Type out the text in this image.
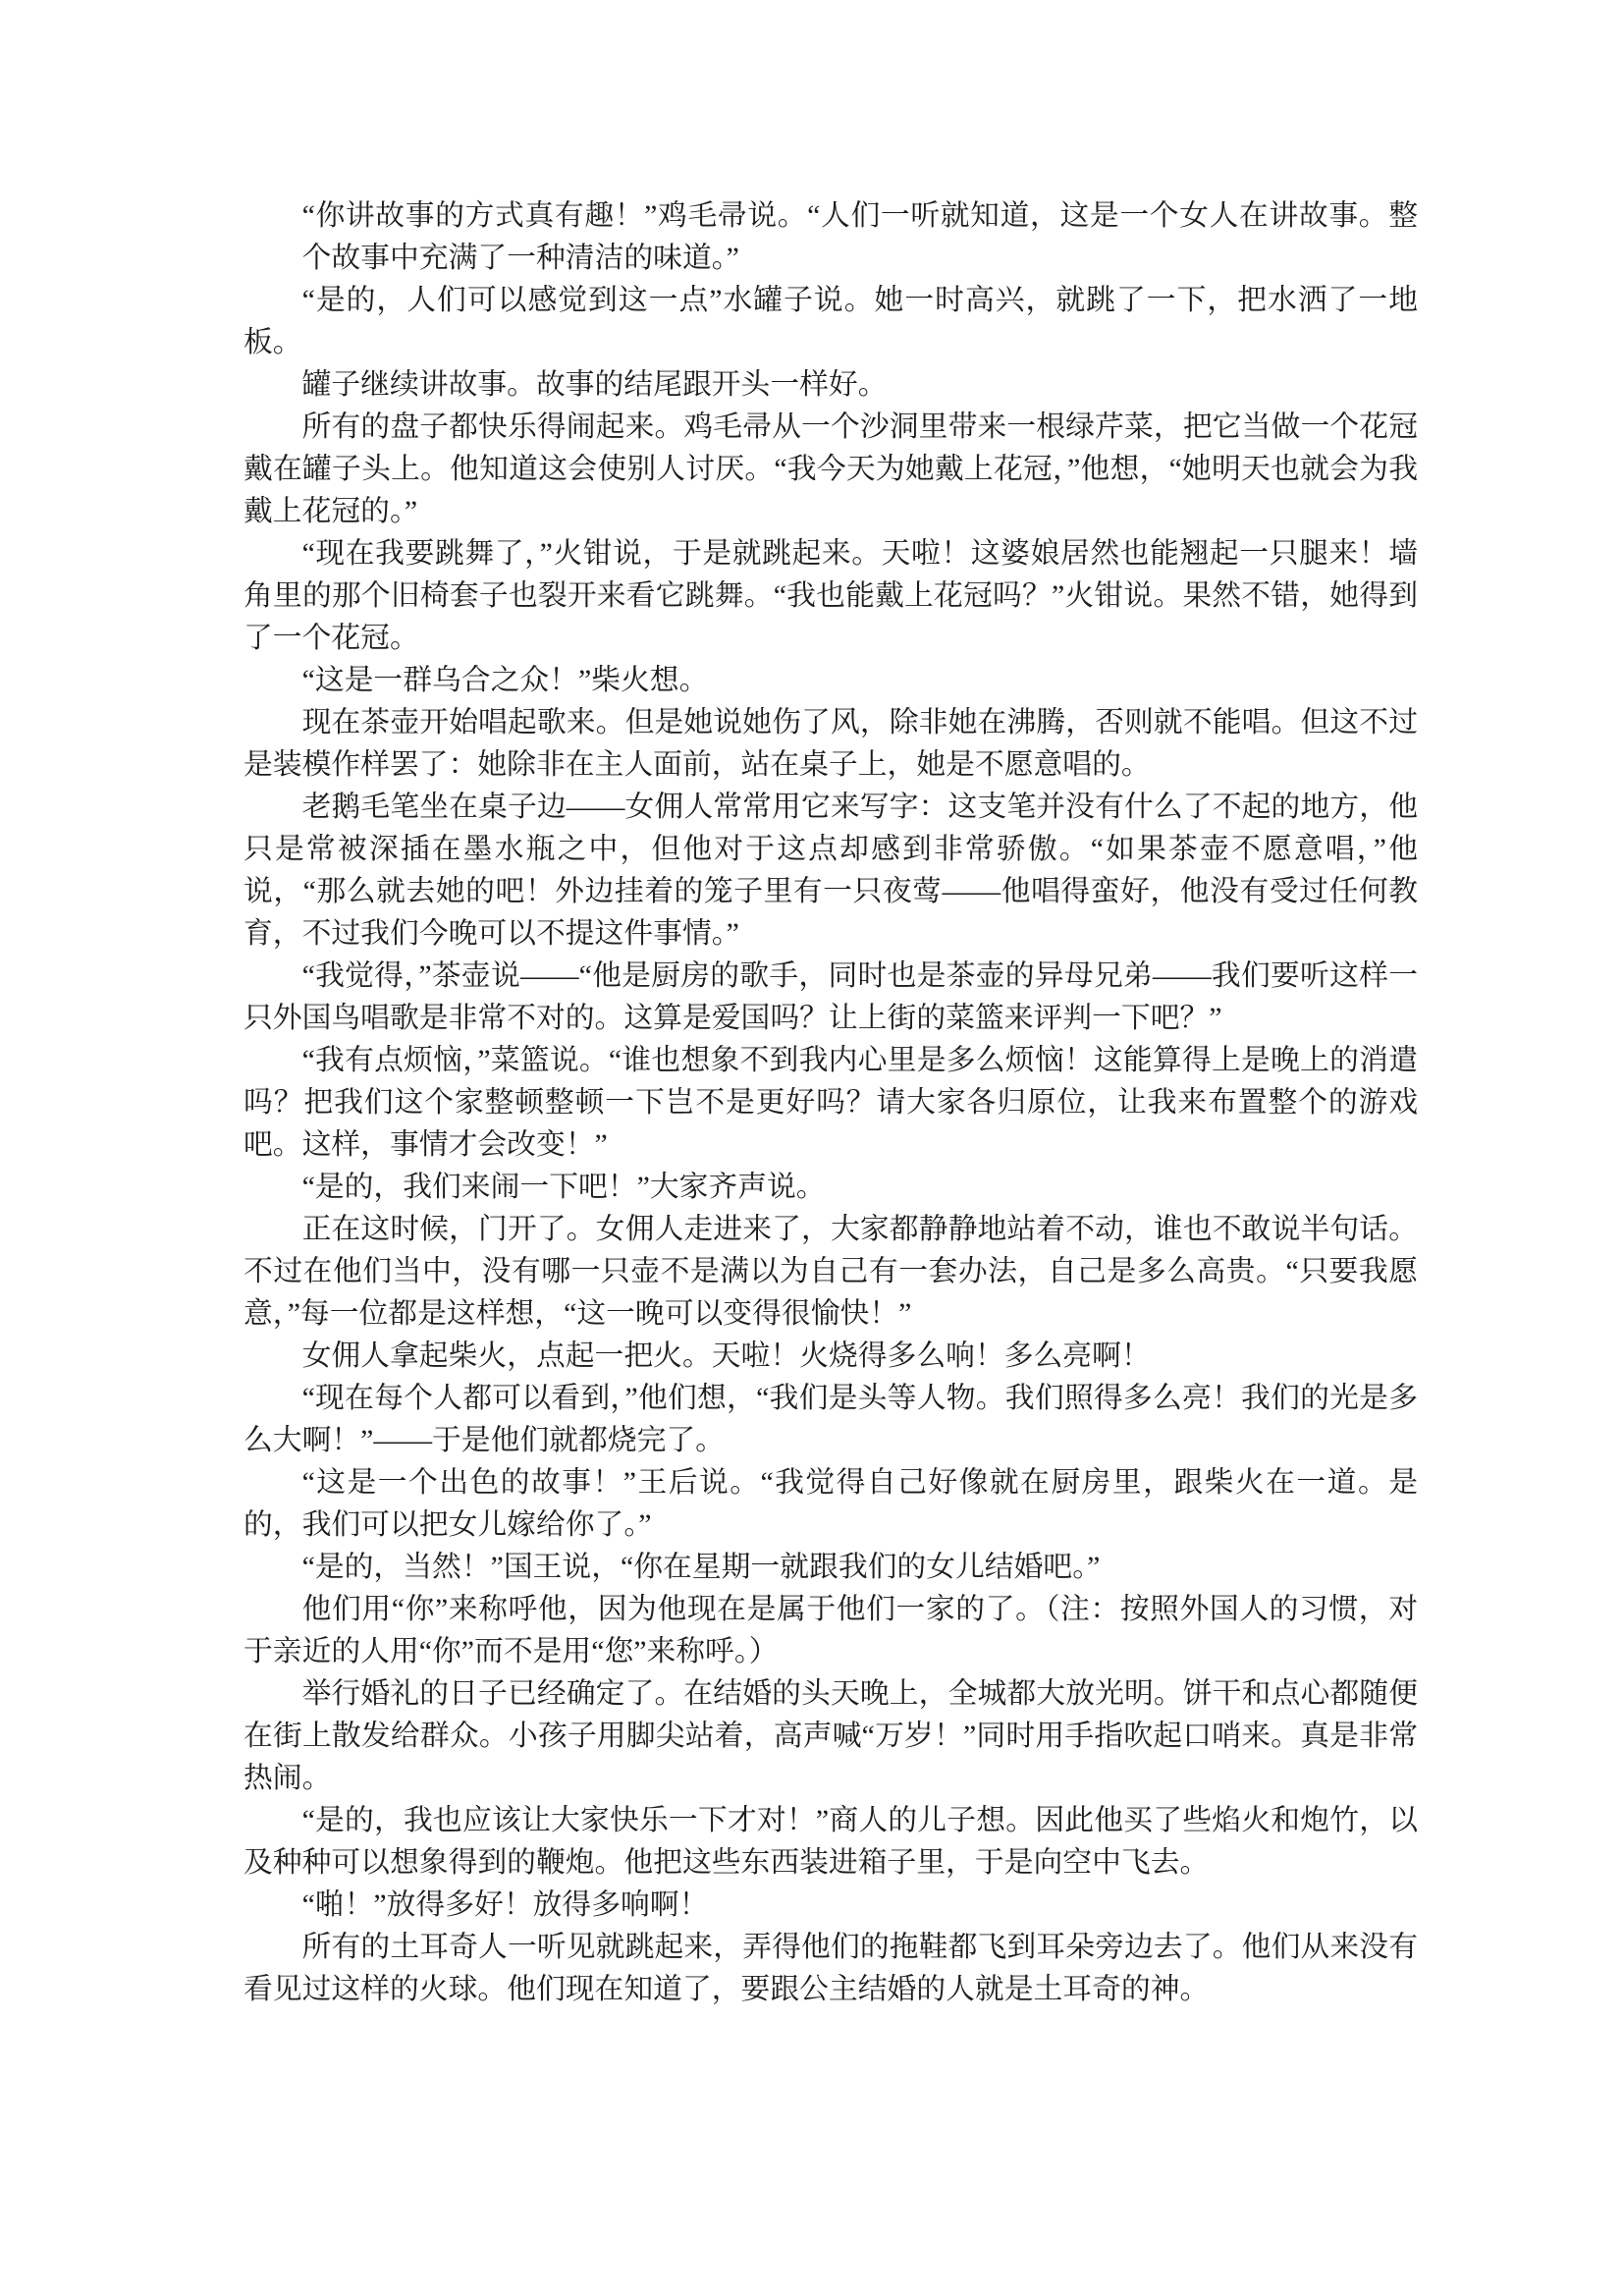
“你讲故事的方式真有趣！”鸡毛帚说。“人们一听就知道，这是一个女人在讲故事。整个故事中充满了一种清洁的味道。”

“是的，人们可以感觉到这一点”水罐子说。她一时高兴，就跳了一下，把水洒了一地板。

罐子继续讲故事。故事的结尾跟开头一样好。

所有的盘子都快乐得闹起来。鸡毛帚从一个沙洞里带来一根绿芹菜，把它当做一个花冠戴在罐子头上。他知道这会使别人讨厌。“我今天为她戴上花冠，”他想，“她明天也就会为我戴上花冠的。”

“现在我要跳舞了，”火钳说，于是就跳起来。天啦！这婆娘居然也能翘起一只腿来！墙角里的那个旧椅套子也裂开来看它跳舞。“我也能戴上花冠吗？”火钳说。果然不错，她得到了一个花冠。

“这是一群乌合之众！”柴火想。

现在茶壶开始唱起歌来。但是她说她伤了风，除非她在沸腾，否则就不能唱。但这不过是装模作样罢了：她除非在主人面前，站在桌子上，她是不愿意唱的。

老鹅毛笔坐在桌子边——女佣人常常用它来写字：这支笔并没有什么了不起的地方，他只是常被深插在墨水瓶之中，但他对于这点却感到非常骄傲。“如果茶壶不愿意唱，”他说，“那么就去她的吧！外边挂着的笼子里有一只夜莺——他唱得蛮好，他没有受过任何教育，不过我们今晚可以不提这件事情。”

“我觉得，”茶壶说——“他是厨房的歌手，同时也是茶壶的异母兄弟——我们要听这样一只外国鸟唱歌是非常不对的。这算是爱国吗？让上街的菜篮来评判一下吧？”

“我有点烦恼，”菜篮说。“谁也想象不到我内心里是多么烦恼！这能算得上是晚上的消遣吗？把我们这个家整顿整顿一下岂不是更好吗？请大家各归原位，让我来布置整个的游戏吧。这样，事情才会改变！”

“是的，我们来闹一下吧！”大家齐声说。

正在这时候，门开了。女佣人走进来了，大家都静静地站着不动，谁也不敢说半句话。不过在他们当中，没有哪一只壶不是满以为自己有一套办法，自己是多么高贵。“只要我愿意，”每一位都是这样想，“这一晚可以变得很愉快！”

女佣人拿起柴火，点起一把火。天啦！火烧得多么响！多么亮啊！

“现在每个人都可以看到，”他们想，“我们是头等人物。我们照得多么亮！我们的光是多么大啊！”——于是他们就都烧完了。

“这是一个出色的故事！”王后说。“我觉得自己好像就在厨房里，跟柴火在一道。是的，我们可以把女儿嫁给你了。”

“是的，当然！”国王说，“你在星期一就跟我们的女儿结婚吧。”

他们用“你”来称呼他，因为他现在是属于他们一家的了。（注：按照外国人的习惯，对于亲近的人用“你”而不是用“您”来称呼。）

举行婚礼的日子已经确定了。在结婚的头天晚上，全城都大放光明。饼干和点心都随便在街上散发给群众。小孩子用脚尖站着，高声喊“万岁！”同时用手指吹起口哨来。真是非常热闹。

“是的，我也应该让大家快乐一下才对！”商人的儿子想。因此他买了些焰火和炮竹，以及种种可以想象得到的鞭炮。他把这些东西装进箱子里，于是向空中飞去。

“啪！”放得多好！放得多响啊！

所有的土耳奇人一听见就跳起来，弄得他们的拖鞋都飞到耳朵旁边去了。他们从来没有看见过这样的火球。他们现在知道了，要跟公主结婚的人就是土耳奇的神。
